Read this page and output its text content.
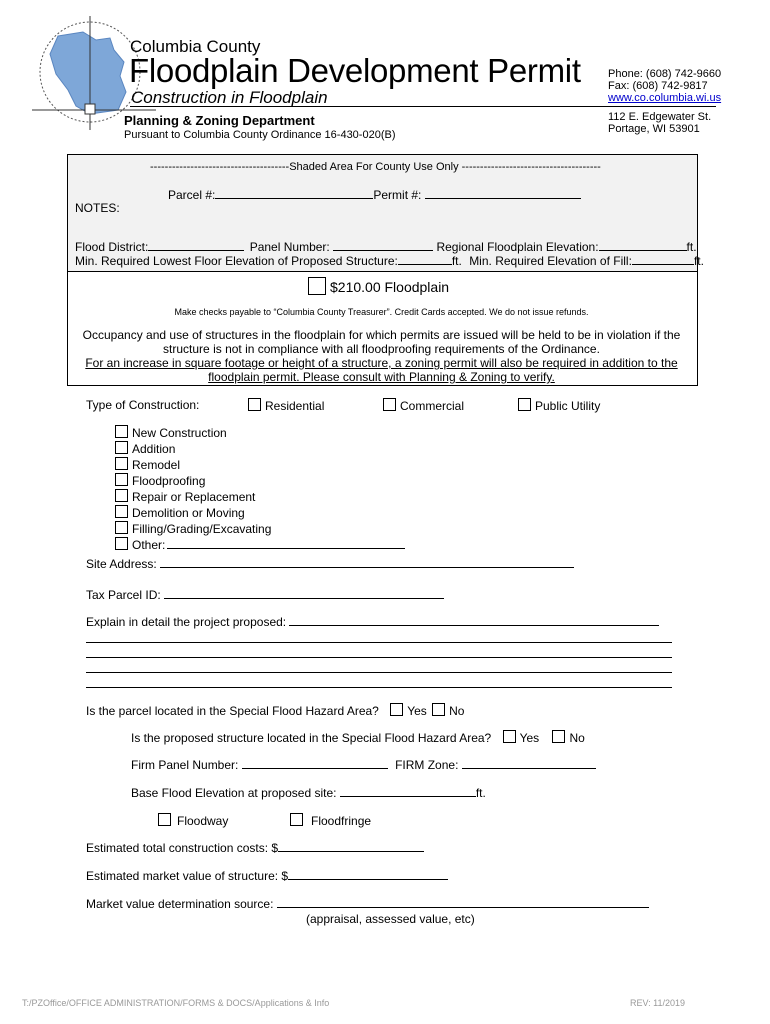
Columbia County
Floodplain Development Permit
Construction in Floodplain
Planning & Zoning Department
Pursuant to Columbia County Ordinance 16-430-020(B)
Phone: (608) 742-9660
Fax: (608) 742-9817
www.co.columbia.wi.us
112 E. Edgewater St.
Portage, WI 53901
--------------------------------------Shaded Area For County Use Only --------------------------------------
Parcel #:	Permit #:
NOTES:
Flood District:	Panel Number:	Regional Floodplain Elevation:	ft.
Min. Required Lowest Floor Elevation of Proposed Structure:	ft. Min. Required Elevation of Fill:	ft.
$210.00 Floodplain
Make checks payable to “Columbia County Treasurer”. Credit Cards accepted. We do not issue refunds.
Occupancy and use of structures in the floodplain for which permits are issued will be held to be in violation if the structure is not in compliance with all floodproofing requirements of the Ordinance.
For an increase in square footage or height of a structure, a zoning permit will also be required in addition to the floodplain permit. Please consult with Planning & Zoning to verify.
Type of Construction:	Residential	Commercial	Public Utility
New Construction
Addition
Remodel
Floodproofing
Repair or Replacement
Demolition or Moving
Filling/Grading/Excavating
Other:
Site Address:
Tax Parcel ID:
Explain in detail the project proposed:
Is the parcel located in the Special Flood Hazard Area? Yes No
Is the proposed structure located in the Special Flood Hazard Area? Yes	No
Firm Panel Number:	FIRM Zone:
Base Flood Elevation at proposed site:	ft.
Floodway	Floodfringe
Estimated total construction costs: $
Estimated market value of structure: $
Market value determination source:
(appraisal, assessed value, etc)
T:/PZOffice/OFFICE ADMINISTRATION/FORMS & DOCS/Applications & Info	REV: 11/2019
